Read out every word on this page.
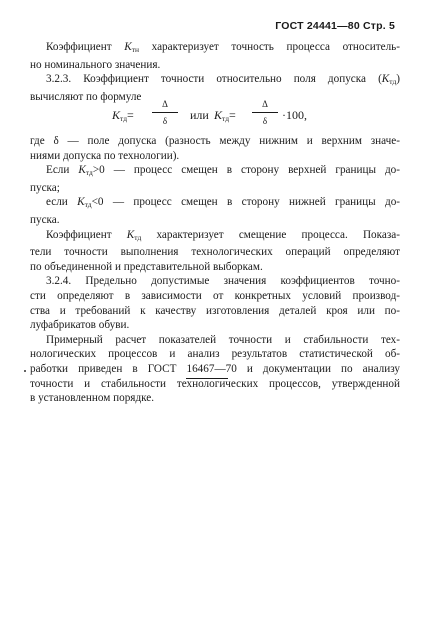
ГОСТ 24441—80 Стр. 5
Коэффициент $K_{тн}$ характеризует точность процесса относитель-
но номинального значения.
3.2.3. Коэффициент точности относительно поля допуска $(K_{тд})$
вычисляют по формуле
$K_{тд}=$
Δ
δ	или $K_{тд}=$
Δ
δ	·100,
где δ — поле допуска (разность между нижним и верхним значе-
ниями допуска по технологии).
Если $K_{тд}>0$ — процесс смещен в сторону верхней границы до-
пуска;
если $K_{тд}<0$ — процесс смещен в сторону нижней границы до-
пуска.
Коэффициент $K_{тд}$ характеризует смещение процесса. Показа-
тели точности выполнения технологических операций определяют
по объединенной и представительной выборкам.
3.2.4. Предельно допустимые значения коэффициентов точно-
сти определяют в зависимости от конкретных условий производ-
ства и требований к качеству изготовления деталей кроя или по-
луфабрикатов обуви.
Примерный расчет показателей точности и стабильности тех-
нологических процессов и анализ результатов статистической об-
работки приведен в ГОСТ 16467—70 и документации по анализу
точности и стабильности технологических процессов, утвержденной
в установленном порядке.
